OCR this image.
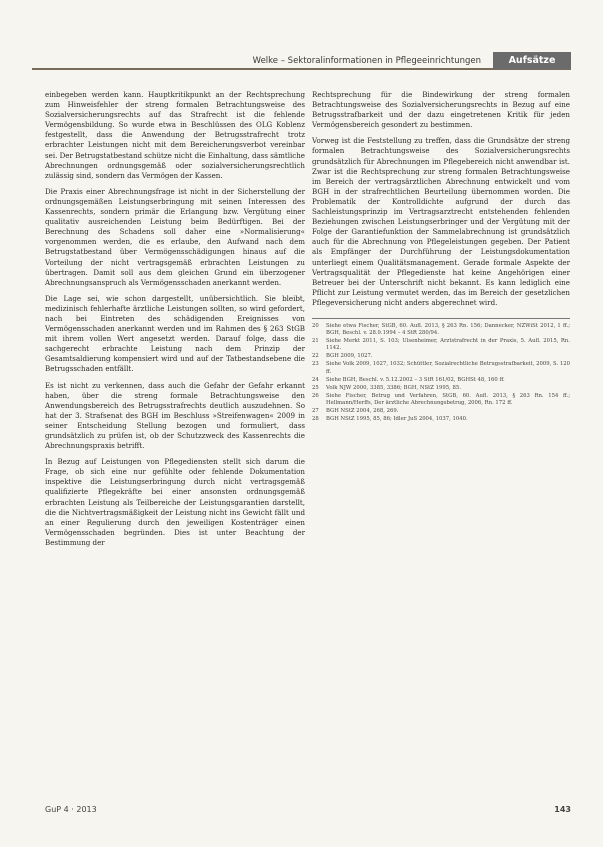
Welke – Sektoralinformationen in Pflegeeinrichtungen	Aufsätze

einbegeben werden kann. Hauptkritikpunkt an der Rechtsprechung zum Hinweisfehler der streng formalen Betrachtungsweise des Sozialversicherungsrechts auf das Strafrecht ist die fehlende Vermögensbildung. So wurde etwa in Beschlüssen des OLG Koblenz festgestellt, dass die Anwendung der Betrugsstrafrecht trotz erbrachter Leistungen nicht mit dem Bereicherungsverbot vereinbar sei. Der Betrugstatbestand schütze nicht die Einhaltung, dass sämtliche Abrechnungen ordnungsgemäß oder sozialversicherungsrechtlich zulässig sind, sondern das Vermögen der Kassen.

Die Praxis einer Abrechnungsfrage ist nicht in der Sicherstellung der ordnungsgemäßen Leistungserbringung mit seinen Interessen des Kassenrechts, sondern primär die Erlangung bzw. Vergütung einer qualitativ ausreichenden Leistung beim Bedürftigen. Bei der Berechnung des Schadens soll daher eine »Normalisierung« vorgenommen werden, die es erlaube, den Aufwand nach dem Betrugstatbestand über Vermögensschädigungen hinaus auf die Vorteilung der nicht vertragsgemäß erbrachten Leistungen zu übertragen. Damit soll aus dem gleichen Grund ein überzogener Abrechnungsanspruch als Vermögensschaden anerkannt werden.

Die Lage sei, wie schon dargestellt, unübersichtlich. Sie bleibt, medizinisch fehlerhafte ärztliche Leistungen sollten, so wird gefordert, nach bei Eintreten des schädigenden Ereignisses von Vermögensschaden anerkannt werden und im Rahmen des § 263 StGB mit ihrem vollen Wert angesetzt werden. Darauf folge, dass die sachgerecht erbrachte Leistung nach dem Prinzip der Gesamtsaldierung kompensiert wird und auf der Tatbestandsebene die Betrugsschaden entfällt.

Es ist nicht zu verkennen, dass auch die Gefahr der Gefahr erkannt haben, über die streng formale Betrachtungsweise den Anwendungsbereich des Betrugsstrafrechts deutlich auszudehnen. So hat der 3. Strafsenat des BGH im Beschluss »Streifenwagen« 2009 in seiner Entscheidung Stellung bezogen und formuliert, dass grundsätzlich zu prüfen ist, ob der Schutzzweck des Kassenrechts die Abrechnungspraxis betrifft.

In Bezug auf Leistungen von Pflegediensten stellt sich darum die Frage, ob sich eine nur gefühlte oder fehlende Dokumentation inspektive die Leistungserbringung durch nicht vertragsgemäß qualifizierte Pflegekräfte bei einer ansonsten ordnungsgemäß erbrachten Leistung als Teilbereiche der Leistungsgarantien darstellt, die die Nichtvertragsmäßigkeit der Leistung nicht ins Gewicht fällt und an einer Regulierung durch den jeweiligen Kostenträger einen Vermögensschaden begründen. Dies ist unter Beachtung der Bestimmung der

Rechtsprechung für die Bindewirkung der streng formalen Betrachtungsweise des Sozialversicherungsrechts in Bezug auf eine Betrugsstrafbarkeit und der dazu eingetretenen Kritik für jeden Vermögensbereich gesondert zu bestimmen.

Vorweg ist die Feststellung zu treffen, dass die Grundsätze der streng formalen Betrachtungsweise des Sozialversicherungsrechts grundsätzlich für Abrechnungen im Pflegebereich nicht anwendbar ist. Zwar ist die Rechtsprechung zur streng formalen Betrachtungsweise im Bereich der vertragsärztlichen Abrechnung entwickelt und vom BGH in der strafrechtlichen Beurteilung übernommen worden. Die Problematik der Kontrolldichte aufgrund der durch das Sachleistungsprinzip im Vertragsarztrecht entstehenden fehlenden Beziehungen zwischen Leistungserbringer und der Vergütung mit der Folge der Garantiefunktion der Sammelabrechnung ist grundsätzlich auch für die Abrechnung von Pflegeleistungen gegeben. Der Patient als Empfänger der Durchführung der Leistungsdokumentation unterliegt einem Qualitätsmanagement. Gerade formale Aspekte der Vertragsqualität der Pflegedienste hat keine Angehörigen einer Betreuer bei der Unterschrift nicht bekannt. Es kann lediglich eine Pflicht zur Leistung vermutet werden, das im Bereich der gesetzlichen Pflegeversicherung nicht anders abgerechnet wird.

20	Siehe etwa Fischer, StGB, 60. Aufl. 2013, § 263 Rn. 156; Dannecker, NZWiSt 2012, 1 ff.; BGH, Beschl. v. 28.9.1994 – 4 StR 280/94.
21	Siehe Merkt 2011, S. 103; Ulsenheimer, Arztstrafrecht in der Praxis, 5. Aufl. 2015, Rn. 1142.
22	BGH 2009, 1027.
23	Siehe Volk 2009, 1027, 1032; Schüttler, Sozialrechtliche Betrugsstrafbarkeit, 2009, S. 120 ff.
24	Siehe BGH, Beschl. v. 5.12.2002 – 3 StR 161/02, BGHSt 48, 160 ff.
25	Volk NJW 2000, 3385, 3386; BGH, NStZ 1995, 85.
26	Siehe Fischer, Betrug und Verfahren, StGB, 60. Aufl. 2013, § 263 Rn. 154 ff.; Hellmann/Herffs, Der ärztliche Abrechnungsbetrug, 2006, Rn. 172 ff.
27	BGH NStZ 2004, 268, 269.
28	BGH NStZ 1995, 85, 86; Idler JuS 2004, 1037, 1040.
GuP 4 · 2013	143
